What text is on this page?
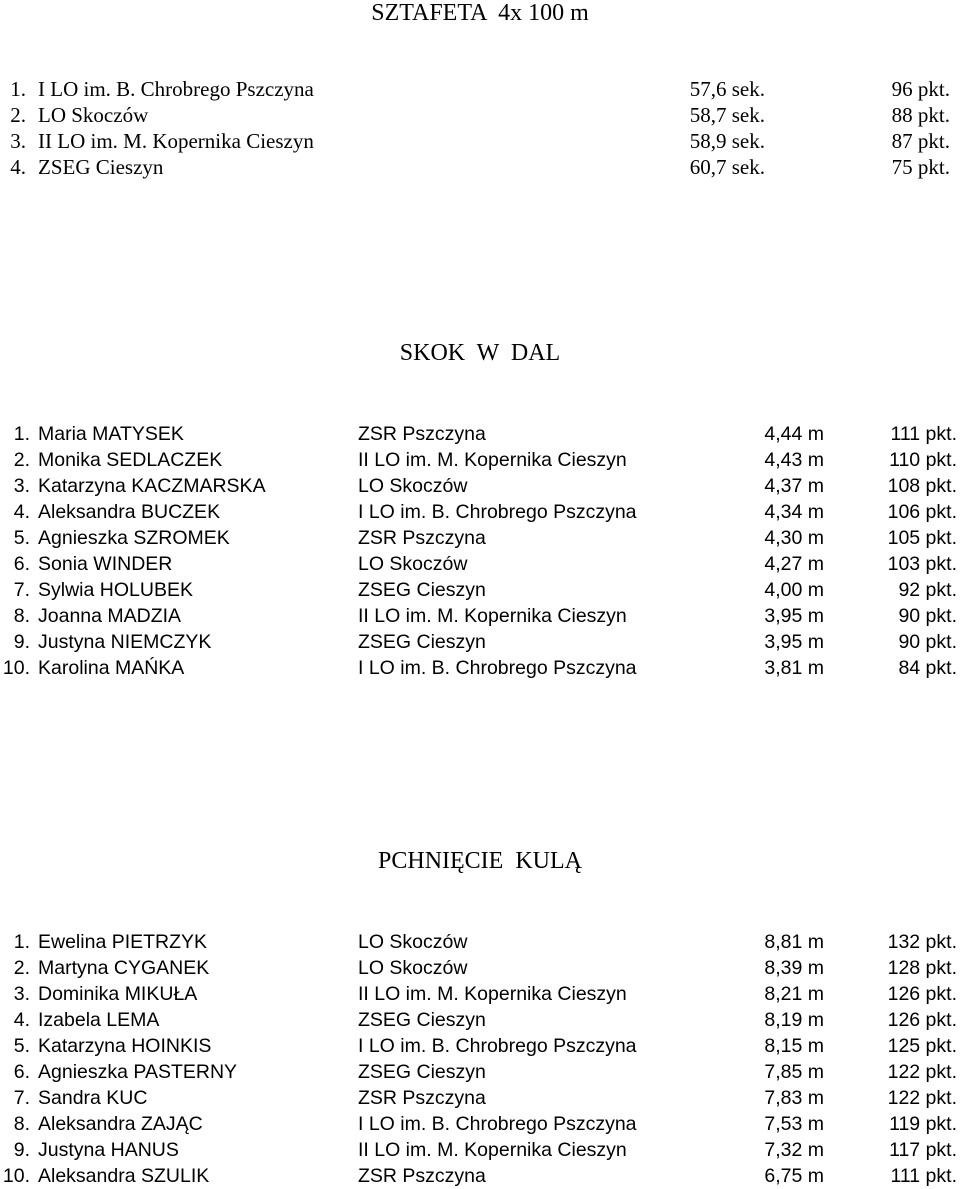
SZTAFETA  4x 100 m
1. I LO im. B. Chrobrego Pszczyna	57,6 sek.	96 pkt.
2. LO Skoczów	58,7 sek.	88 pkt.
3. II LO im. M. Kopernika Cieszyn	58,9 sek.	87 pkt.
4. ZSEG Cieszyn	60,7 sek.	75 pkt.
SKOK  W  DAL
1. Maria MATYSEK	ZSR Pszczyna	4,44 m	111 pkt.
2. Monika SEDLACZEK	II LO im. M. Kopernika Cieszyn	4,43 m	110 pkt.
3. Katarzyna KACZMARSKA	LO Skoczów	4,37 m	108 pkt.
4. Aleksandra BUCZEK	I LO im. B. Chrobrego Pszczyna	4,34 m	106 pkt.
5. Agnieszka SZROMEK	ZSR Pszczyna	4,30 m	105 pkt.
6. Sonia WINDER	LO Skoczów	4,27 m	103 pkt.
7. Sylwia HOLUBEK	ZSEG Cieszyn	4,00 m	92 pkt.
8. Joanna MADZIA	II LO im. M. Kopernika Cieszyn	3,95 m	90 pkt.
9. Justyna NIEMCZYK	ZSEG Cieszyn	3,95 m	90 pkt.
10. Karolina MAŃKA	I LO im. B. Chrobrego Pszczyna	3,81 m	84 pkt.
PCHNIĘCIE  KULĄ
1. Ewelina PIETRZYK	LO Skoczów	8,81 m	132 pkt.
2. Martyna CYGANEK	LO Skoczów	8,39 m	128 pkt.
3. Dominika MIKUŁA	II LO im. M. Kopernika Cieszyn	8,21 m	126 pkt.
4. Izabela LEMA	ZSEG Cieszyn	8,19 m	126 pkt.
5. Katarzyna HOINKIS	I LO im. B. Chrobrego Pszczyna	8,15 m	125 pkt.
6. Agnieszka PASTERNY	ZSEG Cieszyn	7,85 m	122 pkt.
7. Sandra KUC	ZSR Pszczyna	7,83 m	122 pkt.
8. Aleksandra ZAJĄC	I LO im. B. Chrobrego Pszczyna	7,53 m	119 pkt.
9. Justyna HANUS	II LO im. M. Kopernika Cieszyn	7,32 m	117 pkt.
10. Aleksandra SZULIK	ZSR Pszczyna	6,75 m	111 pkt.
